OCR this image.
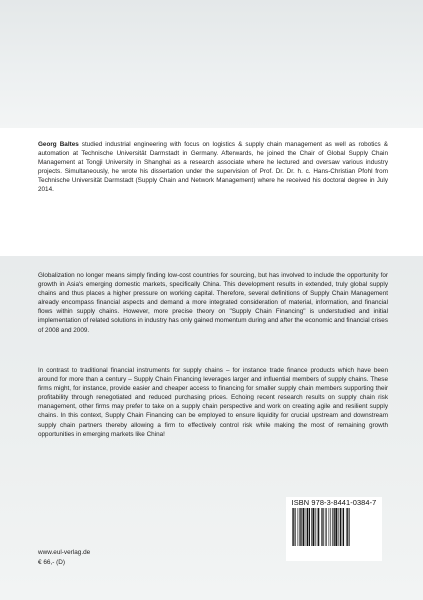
Georg Baltes studied industrial engineering with focus on logistics & supply chain management as well as robotics & automation at Technische Universität Darmstadt in Germany. Afterwards, he joined the Chair of Global Supply Chain Management at Tongji University in Shanghai as a research associate where he lectured and oversaw various industry projects. Simultaneously, he wrote his dissertation under the supervision of Prof. Dr. Dr. h. c. Hans-Christian Pfohl from Technische Universität Darmstadt (Supply Chain and Network Management) where he received his doctoral degree in July 2014.

Globalization no longer means simply finding low-cost countries for sourcing, but has involved to include the opportunity for growth in Asia's emerging domestic markets, specifically China. This development results in extended, truly global supply chains and thus places a higher pressure on working capital. Therefore, several definitions of Supply Chain Management already encompass financial aspects and demand a more integrated consideration of material, information, and financial flows within supply chains. However, more precise theory on "Supply Chain Financing" is understudied and initial implementation of related solutions in industry has only gained momentum during and after the economic and financial crises of 2008 and 2009.

In contrast to traditional financial instruments for supply chains – for instance trade finance products which have been around for more than a century – Supply Chain Financing leverages larger and influential members of supply chains. These firms might, for instance, provide easier and cheaper access to financing for smaller supply chain members supporting their profitability through renegotiated and reduced purchasing prices. Echoing recent research results on supply chain risk management, other firms may prefer to take on a supply chain perspective and work on creating agile and resilient supply chains. In this context, Supply Chain Financing can be employed to ensure liquidity for crucial upstream and downstream supply chain partners thereby allowing a firm to effectively control risk while making the most of remaining growth opportunities in emerging markets like China!

ISBN 978-3-8441-0384-7

www.eul-verlag.de

€ 66,- (D)
